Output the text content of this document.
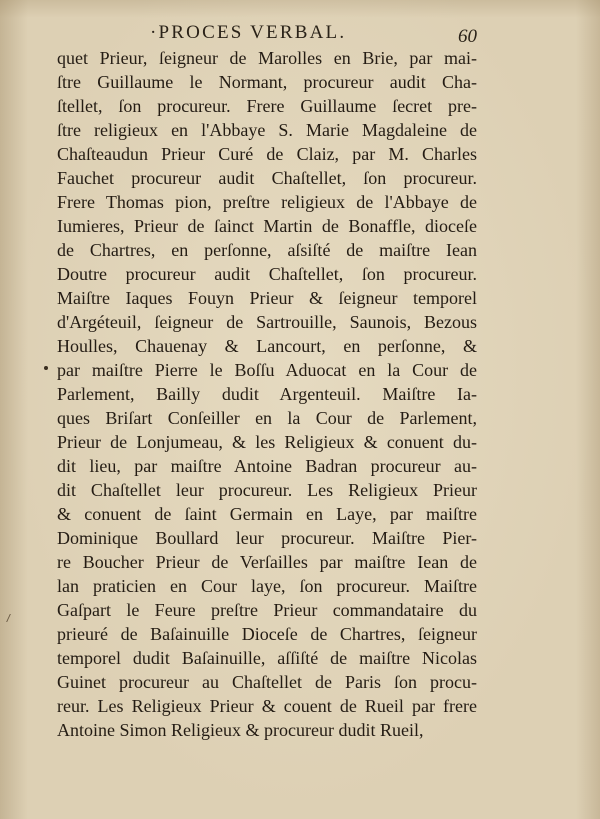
·PROCES VERBAL.	60
quet Prieur, ſeigneur de Marolles en Brie, par mai-
ſtre Guillaume le Normant, procureur audit Cha-
ſtellet, ſon procureur. Frere Guillaume ſecret pre-
ſtre religieux en l'Abbaye S. Marie Magdaleine de
Chaſteaudun Prieur Curé de Claiz, par M. Charles
Fauchet procureur audit Chaſtellet, ſon procureur.
Frere Thomas pion, preſtre religieux de l'Abbaye de
Iumieres, Prieur de ſainct Martin de Bonaffle, dioceſe
de Chartres, en perſonne, aſsiſté de maiſtre Iean
Doutre procureur audit Chaſtellet, ſon procureur.
Maiſtre Iaques Fouyn Prieur & ſeigneur temporel
d'Argéteuil, ſeigneur de Sartrouille, Saunois, Bezous
Houlles, Chauenay & Lancourt, en perſonne, &
par maiſtre Pierre le Boſſu Aduocat en la Cour de
Parlement, Bailly dudit Argenteuil. Maiſtre Ia-
ques Briſart Conſeiller en la Cour de Parlement,
Prieur de Lonjumeau, & les Religieux & conuent du-
dit lieu, par maiſtre Antoine Badran procureur au-
dit Chaſtellet leur procureur. Les Religieux Prieur
& conuent de ſaint Germain en Laye, par maiſtre
Dominique Boullard leur procureur. Maiſtre Pier-
re Boucher Prieur de Verſailles par maiſtre Iean de
lan praticien en Cour laye, ſon procureur. Maiſtre
Gaſpart le Feure preſtre Prieur commandataire du
prieuré de Baſainuille Dioceſe de Chartres, ſeigneur
temporel dudit Baſainuille, aſſiſté de maiſtre Nicolas
Guinet procureur au Chaſtellet de Paris ſon procu-
reur. Les Religieux Prieur & couent de Rueil par frere
Antoine Simon Religieux & procureur dudit Rueil,
